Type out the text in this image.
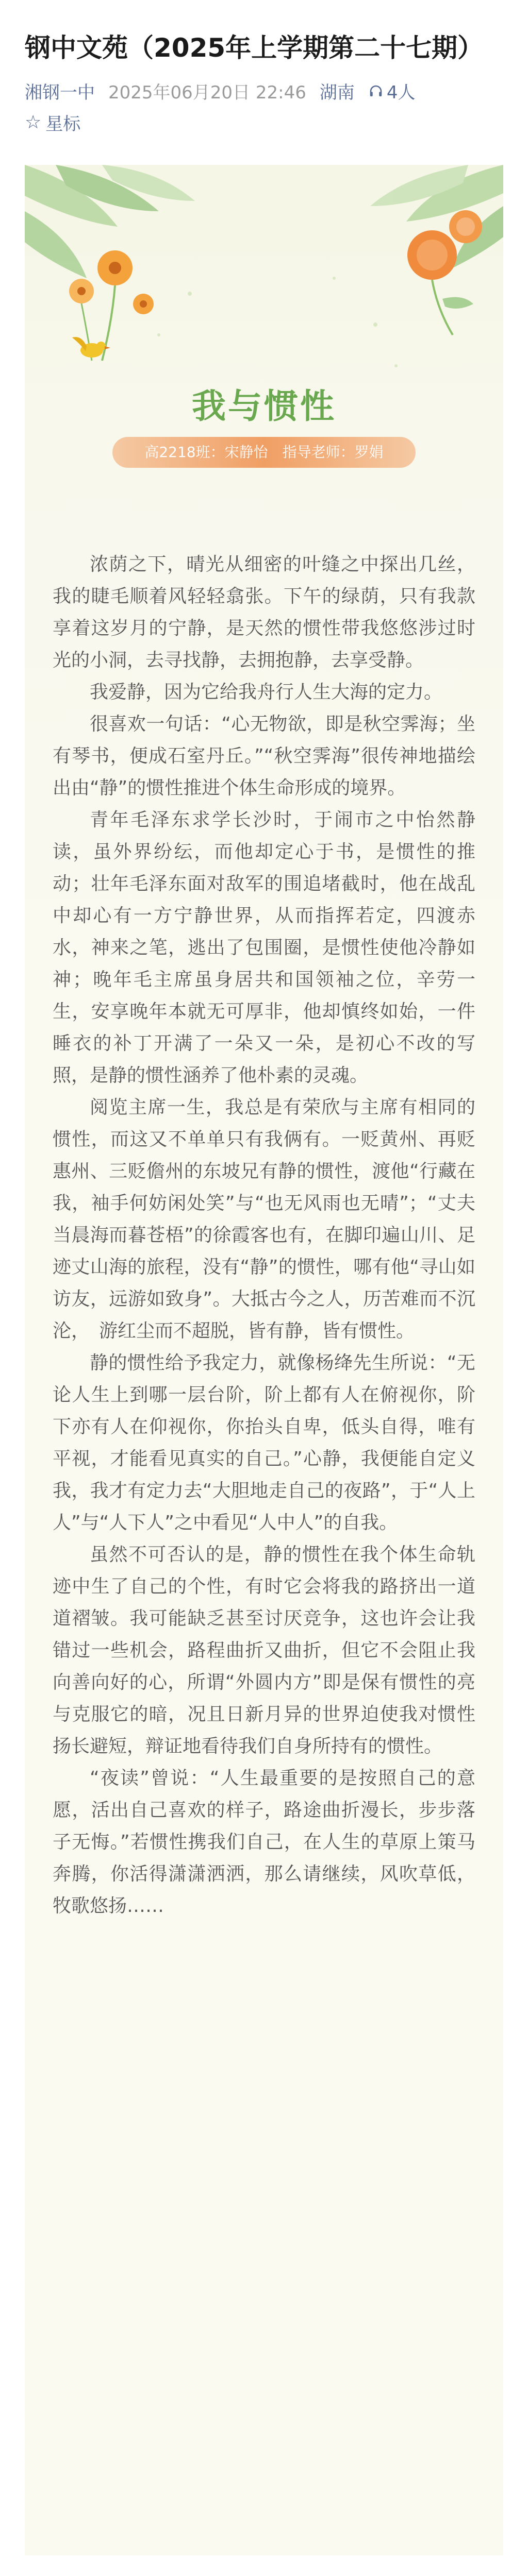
钢中文苑（2025年上学期第二十七期）
湘钢一中 2025年06月20日 22:46 湖南 4人
☆ 星标
我与惯性
高2218班：宋静怡　指导老师：罗娟

浓荫之下，晴光从细密的叶缝之中探出几丝，我的睫毛顺着风轻轻翕张。下午的绿荫，只有我款享着这岁月的宁静，是天然的惯性带我悠悠涉过时光的小洞，去寻找静，去拥抱静，去享受静。

我爱静，因为它给我舟行人生大海的定力。

很喜欢一句话：“心无物欲，即是秋空霁海；坐有琴书，便成石室丹丘。”“秋空霁海”很传神地描绘出由“静”的惯性推进个体生命形成的境界。

青年毛泽东求学长沙时，于闹市之中怡然静读，虽外界纷纭，而他却定心于书，是惯性的推动；壮年毛泽东面对敌军的围追堵截时，他在战乱中却心有一方宁静世界，从而指挥若定，四渡赤水，神来之笔，逃出了包围圈，是惯性使他冷静如神；晚年毛主席虽身居共和国领袖之位，辛劳一生，安享晚年本就无可厚非，他却慎终如始，一件睡衣的补丁开满了一朵又一朵，是初心不改的写照，是静的惯性涵养了他朴素的灵魂。

阅览主席一生，我总是有荣欣与主席有相同的惯性，而这又不单单只有我俩有。一贬黄州、再贬惠州、三贬儋州的东坡兄有静的惯性，渡他“行藏在我，袖手何妨闲处笑”与“也无风雨也无晴”；“丈夫当晨海而暮苍梧”的徐霞客也有，在脚印遍山川、足迹丈山海的旅程，没有“静”的惯性，哪有他“寻山如访友，远游如致身”。大抵古今之人，历苦难而不沉沦，　游红尘而不超脱，皆有静，皆有惯性。

静的惯性给予我定力，就像杨绛先生所说：“无论人生上到哪一层台阶，阶上都有人在俯视你，阶下亦有人在仰视你，你抬头自卑，低头自得，唯有平视，才能看见真实的自己。”心静，我便能自定义我，我才有定力去“大胆地走自己的夜路”，于“人上人”与“人下人”之中看见“人中人”的自我。

虽然不可否认的是，静的惯性在我个体生命轨迹中生了自己的个性，有时它会将我的路挤出一道道褶皱。我可能缺乏甚至讨厌竞争，这也许会让我错过一些机会，路程曲折又曲折，但它不会阻止我向善向好的心，所谓“外圆内方”即是保有惯性的亮与克服它的暗，况且日新月异的世界迫使我对惯性扬长避短，辩证地看待我们自身所持有的惯性。

“夜读”曾说：“人生最重要的是按照自己的意愿，活出自己喜欢的样子，路途曲折漫长，步步落子无悔。”若惯性携我们自己，在人生的草原上策马奔腾，你活得潇潇洒洒，那么请继续，风吹草低，牧歌悠扬……
